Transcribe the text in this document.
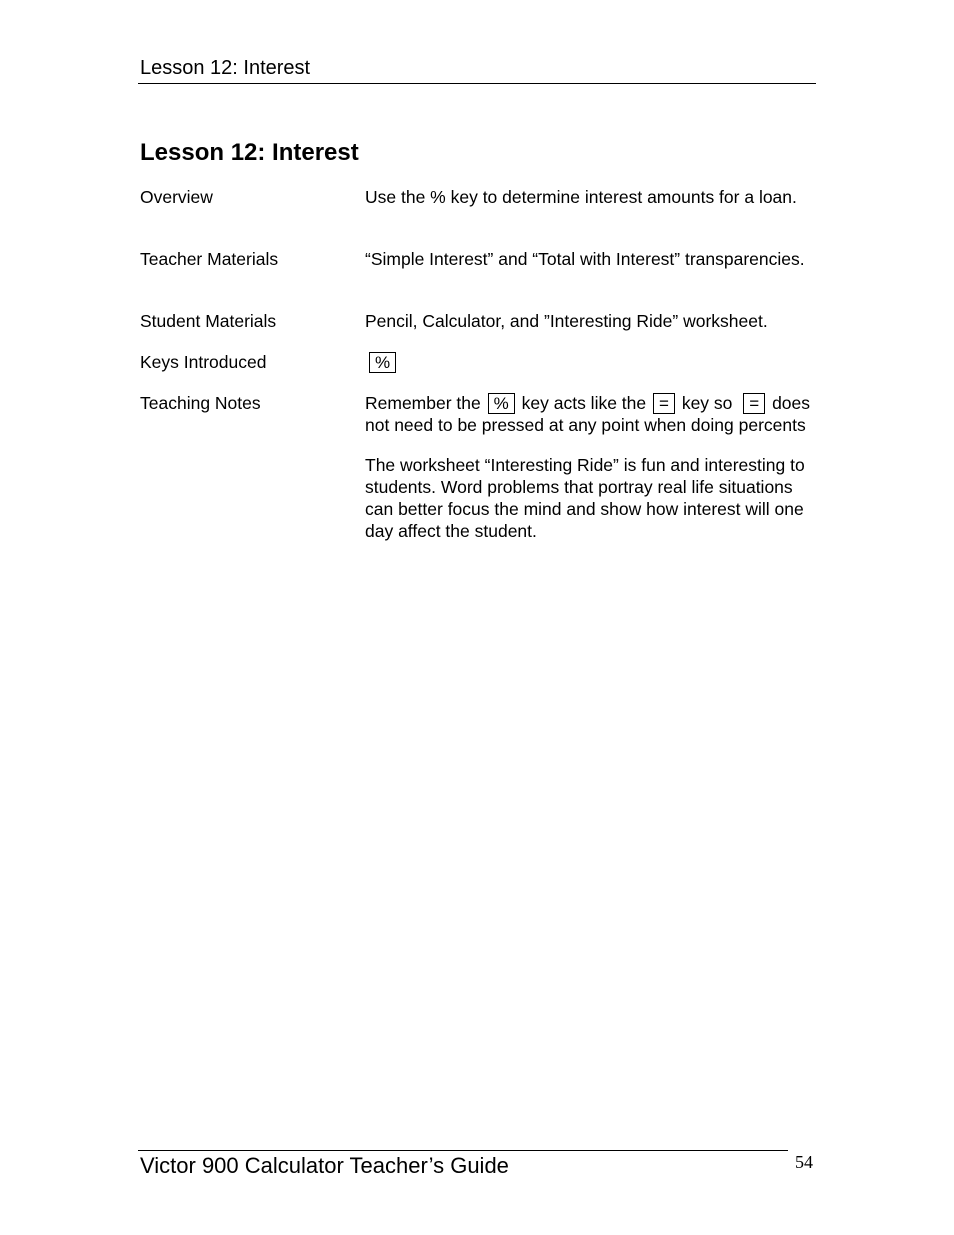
Lesson 12: Interest
Lesson 12: Interest
Overview	Use the % key to determine interest amounts for a loan.
Teacher Materials	“Simple Interest” and “Total with Interest” transparencies.
Student Materials	Pencil, Calculator, and ”Interesting Ride” worksheet.
Keys Introduced	%
Teaching Notes	Remember the % key acts like the = key so = does not need to be pressed at any point when doing percents

The worksheet “Interesting Ride” is fun and interesting to students. Word problems that portray real life situations can better focus the mind and show how interest will one day affect the student.

Victor 900 Calculator Teacher’s Guide	54
